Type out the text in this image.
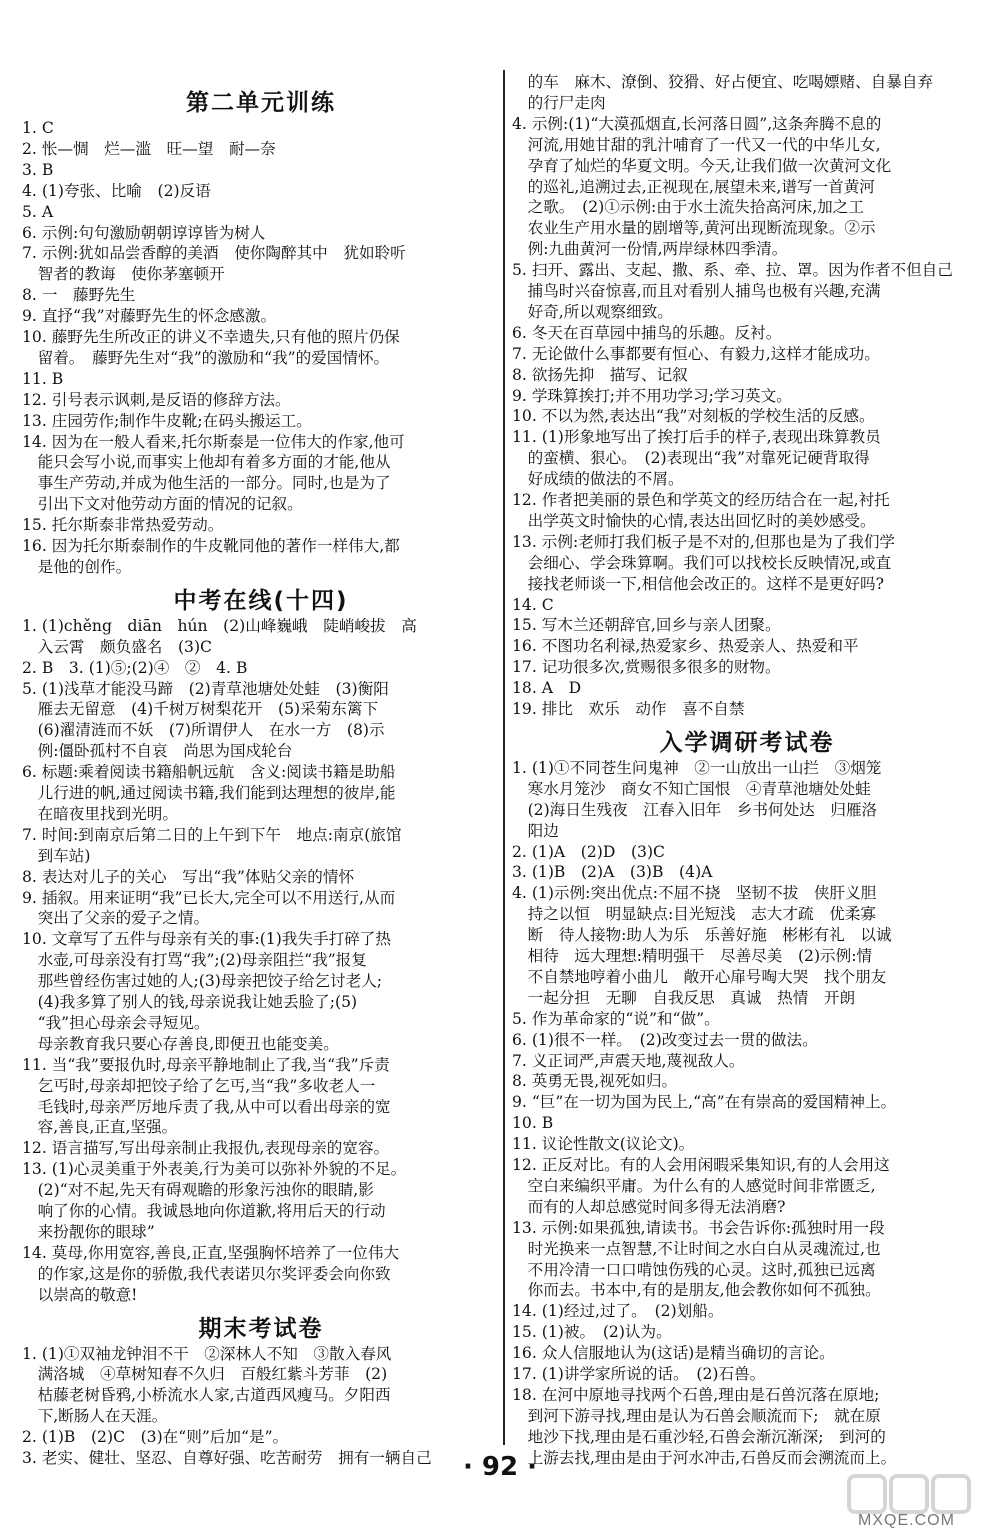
第二单元训练
1. C
2. 怅—惆　烂—滥　旺—望　耐—奈
3. B
4. (1)夸张、比喻　(2)反语
5. A
6. 示例:句句激励朝朝谆谆皆为树人
7. 示例:犹如品尝香醇的美酒　使你陶醉其中　犹如聆听
　智者的教诲　使你茅塞顿开
8. 一　藤野先生
9. 直抒“我”对藤野先生的怀念感激。
10. 藤野先生所改正的讲义不幸遗失,只有他的照片仍保
　留着。　藤野先生对“我”的激励和“我”的爱国情怀。
11. B
12. 引号表示讽刺,是反语的修辞方法。
13. 庄园劳作;制作牛皮靴;在码头搬运工。
14. 因为在一般人看来,托尔斯泰是一位伟大的作家,他可
　能只会写小说,而事实上他却有着多方面的才能,他从
　事生产劳动,并成为他生活的一部分。同时,也是为了
　引出下文对他劳动方面的情况的记叙。
15. 托尔斯泰非常热爱劳动。
16. 因为托尔斯泰制作的牛皮靴同他的著作一样伟大,都
　是他的创作。
中考在线(十四)
1. (1)chěng　diān　hún　(2)山峰巍峨　陡峭峻拔　高
　入云霄　颇负盛名　(3)C
2. B　3. (1)⑤;(2)④　②　4. B
5. (1)浅草才能没马蹄　(2)青草池塘处处蛙　(3)衡阳
　雁去无留意　(4)千树万树梨花开　(5)采菊东篱下
　(6)濯清涟而不妖　(7)所谓伊人　在水一方　(8)示
　例:僵卧孤村不自哀　尚思为国戍轮台
6. 标题:乘着阅读书籍船帆远航　含义:阅读书籍是助船
　儿行进的帆,通过阅读书籍,我们能到达理想的彼岸,能
　在暗夜里找到光明。
7. 时间:到南京后第二日的上午到下午　地点:南京(旅馆
　到车站)
8. 表达对儿子的关心　写出“我”体贴父亲的情怀
9. 插叙。用来证明“我”已长大,完全可以不用送行,从而
　突出了父亲的爱子之情。
10. 文章写了五件与母亲有关的事:(1)我失手打碎了热
　水壶,可母亲没有打骂“我”;(2)母亲阻拦“我”报复
　那些曾经伤害过她的人;(3)母亲把饺子给乞讨老人;
　(4)我多算了别人的钱,母亲说我让她丢脸了;(5)
　“我”担心母亲会寻短见。
　母亲教育我只要心存善良,即便丑也能变美。
11. 当“我”要报仇时,母亲平静地制止了我,当“我”斥责
　乞丐时,母亲却把饺子给了乞丐,当“我”多收老人一
　毛钱时,母亲严厉地斥责了我,从中可以看出母亲的宽
　容,善良,正直,坚强。
12. 语言描写,写出母亲制止我报仇,表现母亲的宽容。
13. (1)心灵美重于外表美,行为美可以弥补外貌的不足。
　(2)“对不起,先天有碍观瞻的形象污浊你的眼睛,影
　响了你的心情。我诚恳地向你道歉,将用后天的行动
　来扮靓你的眼球”
14. 莫母,你用宽容,善良,正直,坚强胸怀培养了一位伟大
　的作家,这是你的骄傲,我代表诺贝尔奖评委会向你致
　以崇高的敬意!
期末考试卷
1. (1)①双袖龙钟泪不干　②深林人不知　③散入春风
　满洛城　④草树知春不久归　百般红紫斗芳菲　(2)
　枯藤老树昏鸦,小桥流水人家,古道西风瘦马。夕阳西
　下,断肠人在天涯。
2. (1)B　(2)C　(3)在“则”后加“是”。
3. 老实、健壮、坚忍、自尊好强、吃苦耐劳　拥有一辆自己
　的车　麻木、潦倒、狡猾、好占便宜、吃喝嫖赌、自暴自弃
　的行尸走肉
4. 示例:(1)“大漠孤烟直,长河落日圆”,这条奔腾不息的
　河流,用她甘甜的乳汁哺育了一代又一代的中华儿女,
　孕育了灿烂的华夏文明。今天,让我们做一次黄河文化
　的巡礼,追溯过去,正视现在,展望未来,谱写一首黄河
　之歌。　(2)①示例:由于水土流失拾高河床,加之工
　农业生产用水量的剧增等,黄河出现断流现象。②示
　例:九曲黄河一份情,两岸绿林四季清。
5. 扫开、露出、支起、撒、系、牵、拉、罩。因为作者不但自己
　捕鸟时兴奋惊喜,而且对看别人捕鸟也极有兴趣,充满
　好奇,所以观察细致。
6. 冬天在百草园中捕鸟的乐趣。反衬。
7. 无论做什么事都要有恒心、有毅力,这样才能成功。
8. 欲扬先抑　描写、记叙
9. 学珠算挨打;并不用功学习;学习英文。
10. 不以为然,表达出“我”对刻板的学校生活的反感。
11. (1)形象地写出了挨打后手的样子,表现出珠算教员
　的蛮横、狠心。　(2)表现出“我”对靠死记硬背取得
　好成绩的做法的不屑。
12. 作者把美丽的景色和学英文的经历结合在一起,衬托
　出学英文时愉快的心情,表达出回忆时的美妙感受。
13. 示例:老师打我们板子是不对的,但那也是为了我们学
　会细心、学会珠算啊。我们可以找校长反映情况,或直
　接找老师谈一下,相信他会改正的。这样不是更好吗?
14. C
15. 写木兰还朝辞官,回乡与亲人团聚。
16. 不图功名利禄,热爱家乡、热爱亲人、热爱和平
17. 记功很多次,赏赐很多很多的财物。
18. A　D
19. 排比　欢乐　动作　喜不自禁
入学调研考试卷
1. (1)①不同苍生问鬼神　②一山放出一山拦　③烟笼
　寒水月笼沙　商女不知亡国恨　④青草池塘处处蛙
　(2)海日生残夜　江春入旧年　乡书何处达　归雁洛
　阳边
2. (1)A　(2)D　(3)C
3. (1)B　(2)A　(3)B　(4)A
4. (1)示例:突出优点:不屈不挠　坚韧不拔　侠肝义胆
　持之以恒　明显缺点:目光短浅　志大才疏　优柔寡
　断　待人接物:助人为乐　乐善好施　彬彬有礼　以诚
　相待　远大理想:精明强干　尽善尽美　(2)示例:情
　不自禁地哼着小曲儿　敞开心扉号啕大哭　找个朋友
　一起分担　无聊　自我反思　真诚　热情　开朗
5. 作为革命家的“说”和“做”。
6. (1)很不一样。　(2)改变过去一贯的做法。
7. 义正词严,声震天地,蔑视敌人。
8. 英勇无畏,视死如归。
9. “巨”在一切为国为民上,“高”在有崇高的爱国精神上。
10. B
11. 议论性散文(议论文)。
12. 正反对比。有的人会用闲暇采集知识,有的人会用这
　空白来编织平庸。为什么有的人感觉时间非常匮乏,
　而有的人却总感觉时间多得无法消磨?
13. 示例:如果孤独,请读书。书会告诉你:孤独时用一段
　时光换来一点智慧,不让时间之水白白从灵魂流过,也
　不用冷清一口口啃蚀伤残的心灵。这时,孤独已远离
　你而去。书本中,有的是朋友,他会教你如何不孤独。
14. (1)经过,过了。　(2)划船。
15. (1)被。　(2)认为。
16. 众人信服地认为(这话)是精当确切的言论。
17. (1)讲学家所说的话。　(2)石兽。
18. 在河中原地寻找两个石兽,理由是石兽沉落在原地;
　到河下游寻找,理由是认为石兽会顺流而下;　就在原
　地沙下找,理由是石重沙轻,石兽会渐沉渐深;　到河的
　上游去找,理由是由于河水冲击,石兽反而会溯流而上。
· 92 ·
MXQE.COM
